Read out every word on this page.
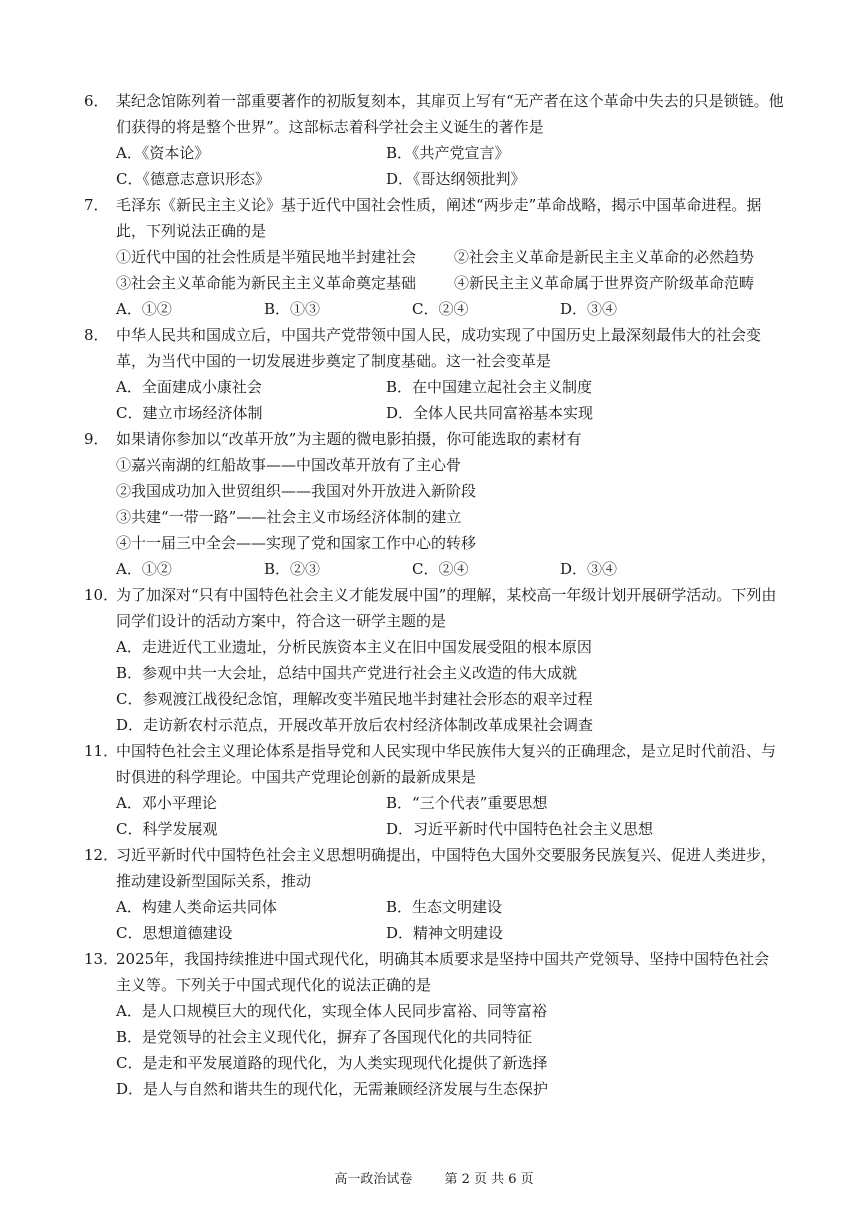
6． 某纪念馆陈列着一部重要著作的初版复刻本，其扉页上写有“无产者在这个革命中失去的只是锁链。他们获得的将是整个世界”。这部标志着科学社会主义诞生的著作是
A．《资本论》	B．《共产党宣言》
C．《德意志意识形态》	D．《哥达纲领批判》
7． 毛泽东《新民主主义论》基于近代中国社会性质，阐述“两步走”革命战略，揭示中国革命进程。据此，下列说法正确的是
①近代中国的社会性质是半殖民地半封建社会	②社会主义革命是新民主主义革命的必然趋势
③社会主义革命能为新民主主义革命奠定基础	④新民主主义革命属于世界资产阶级革命范畴
A．①②	B．①③	C．②④	D．③④
8． 中华人民共和国成立后，中国共产党带领中国人民，成功实现了中国历史上最深刻最伟大的社会变革，为当代中国的一切发展进步奠定了制度基础。这一社会变革是
A．全面建成小康社会	B．在中国建立起社会主义制度
C．建立市场经济体制	D．全体人民共同富裕基本实现
9． 如果请你参加以“改革开放”为主题的微电影拍摄，你可能选取的素材有
①嘉兴南湖的红船故事——中国改革开放有了主心骨
②我国成功加入世贸组织——我国对外开放进入新阶段
③共建“一带一路”——社会主义市场经济体制的建立
④十一届三中全会——实现了党和国家工作中心的转移
A．①②	B．②③	C．②④	D．③④
10．
为了加深对“只有中国特色社会主义才能发展中国”的理解，某校高一年级计划开展研学活动。下列由同学们设计的活动方案中，符合这一研学主题的是
A．走进近代工业遗址，分析民族资本主义在旧中国发展受阻的根本原因
B．参观中共一大会址，总结中国共产党进行社会主义改造的伟大成就
C．参观渡江战役纪念馆，理解改变半殖民地半封建社会形态的艰辛过程
D．走访新农村示范点，开展改革开放后农村经济体制改革成果社会调查
11．
中国特色社会主义理论体系是指导党和人民实现中华民族伟大复兴的正确理念，是立足时代前沿、与时俱进的科学理论。中国共产党理论创新的最新成果是
A．邓小平理论	B．“三个代表”重要思想
C．科学发展观	D．习近平新时代中国特色社会主义思想
12．
习近平新时代中国特色社会主义思想明确提出，中国特色大国外交要服务民族复兴、促进人类进步，推动建设新型国际关系，推动
A．构建人类命运共同体	B．生态文明建设
C．思想道德建设	D．精神文明建设
13．
2025年，我国持续推进中国式现代化，明确其本质要求是坚持中国共产党领导、坚持中国特色社会主义等。下列关于中国式现代化的说法正确的是
A．是人口规模巨大的现代化，实现全体人民同步富裕、同等富裕
B．是党领导的社会主义现代化，摒弃了各国现代化的共同特征
C．是走和平发展道路的现代化，为人类实现现代化提供了新选择
D．是人与自然和谐共生的现代化，无需兼顾经济发展与生态保护
高一政治试卷 第 2 页 共 6 页
